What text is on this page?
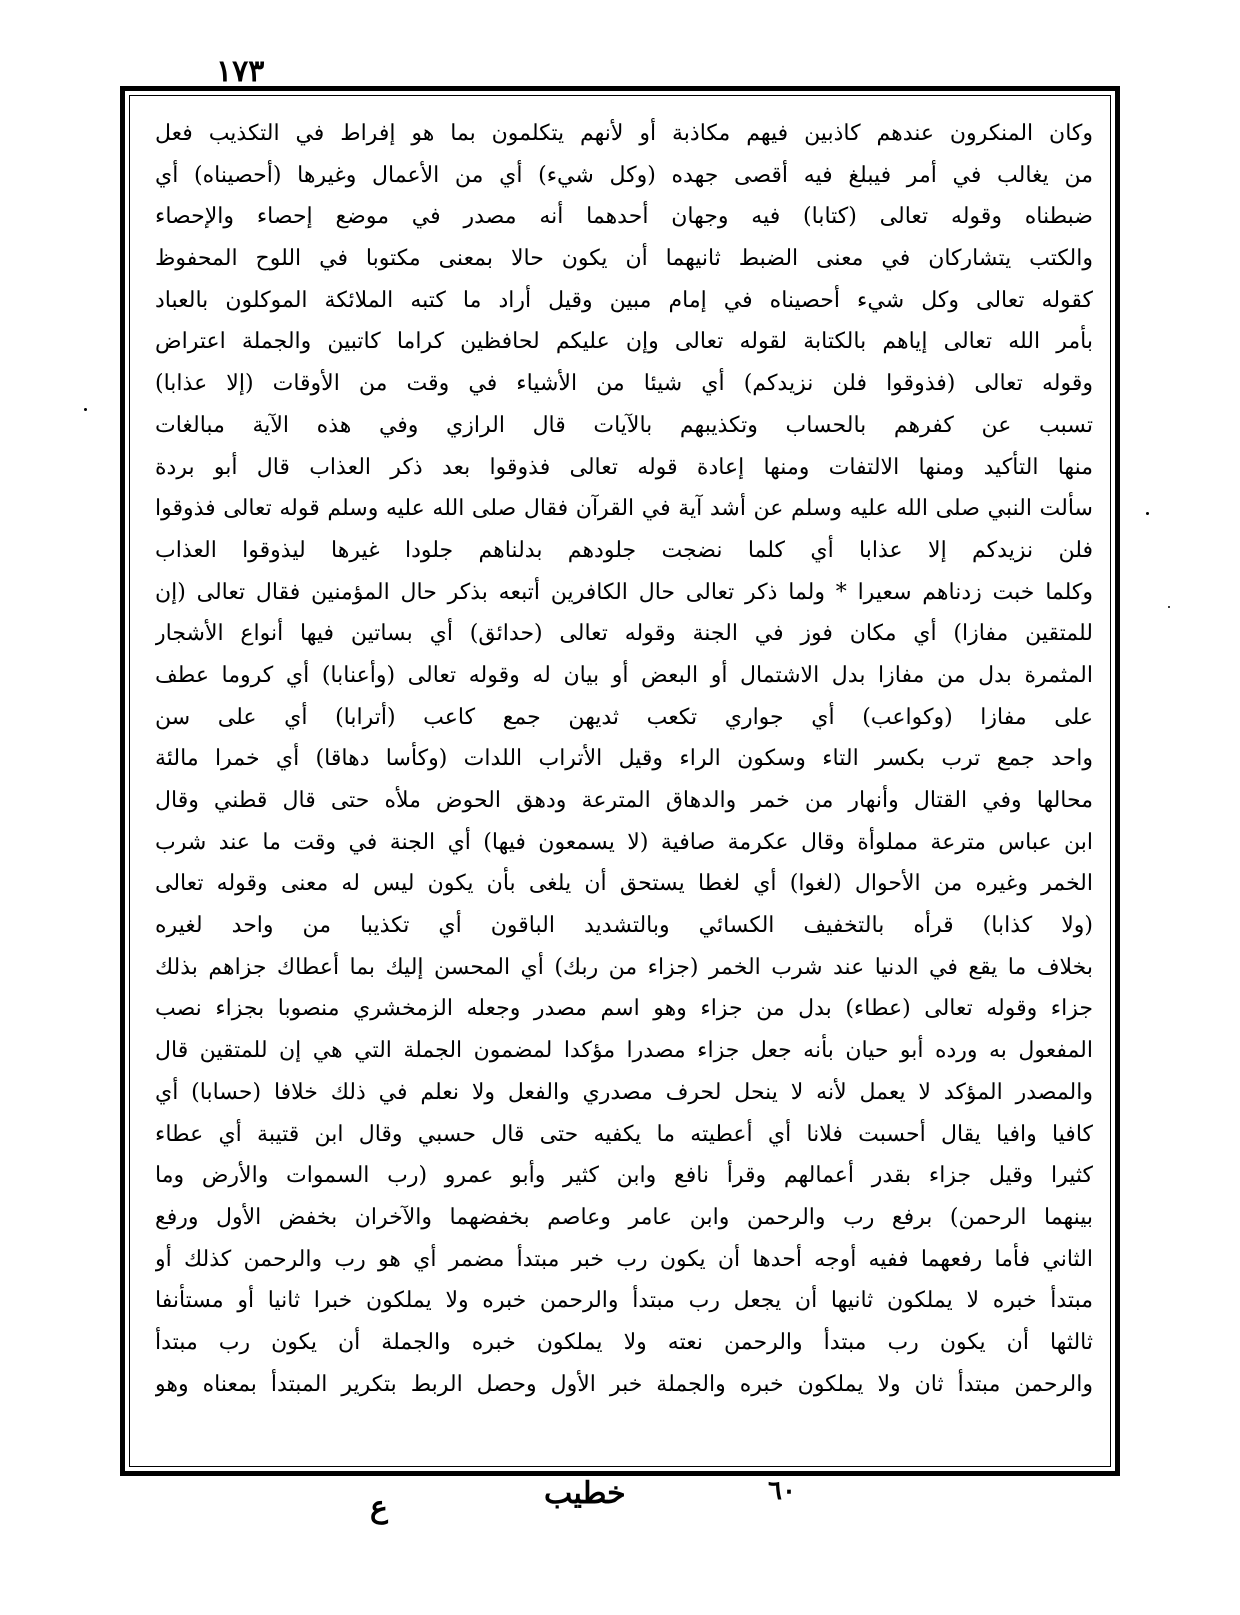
١٧٣
وكان المنكرون عندهم كاذبين فيهم مكاذبة أو لأنهم يتكلمون بما هو إفراط في التكذيب فعل
من يغالب في أمر فيبلغ فيه أقصى جهده (وكل شيء) أي من الأعمال وغيرها (أحصيناه) أي
ضبطناه وقوله تعالى (كتابا) فيه وجهان أحدهما أنه مصدر في موضع إحصاء والإحصاء
والكتب يتشاركان في معنى الضبط ثانيهما أن يكون حالا بمعنى مكتوبا في اللوح المحفوظ
كقوله تعالى وكل شيء أحصيناه في إمام مبين وقيل أراد ما كتبه الملائكة الموكلون بالعباد
بأمر الله تعالى إياهم بالكتابة لقوله تعالى وإن عليكم لحافظين كراما كاتبين والجملة اعتراض
وقوله تعالى (فذوقوا فلن نزيدكم) أي شيئا من الأشياء في وقت من الأوقات (إلا عذابا)
تسبب عن كفرهم بالحساب وتكذيبهم بالآيات قال الرازي وفي هذه الآية مبالغات
منها التأكيد ومنها الالتفات ومنها إعادة قوله تعالى فذوقوا بعد ذكر العذاب قال أبو بردة
سألت النبي صلى الله عليه وسلم عن أشد آية في القرآن فقال صلى الله عليه وسلم قوله تعالى فذوقوا
فلن نزيدكم إلا عذابا أي كلما نضجت جلودهم بدلناهم جلودا غيرها ليذوقوا العذاب
وكلما خبت زدناهم سعيرا * ولما ذكر تعالى حال الكافرين أتبعه بذكر حال المؤمنين فقال تعالى (إن
للمتقين مفازا) أي مكان فوز في الجنة وقوله تعالى (حدائق) أي بساتين فيها أنواع الأشجار
المثمرة بدل من مفازا بدل الاشتمال أو البعض أو بيان له وقوله تعالى (وأعنابا) أي كروما عطف
على مفازا (وكواعب) أي جواري تكعب ثديهن جمع كاعب (أترابا) أي على سن
واحد جمع ترب بكسر التاء وسكون الراء وقيل الأتراب اللدات (وكأسا دهاقا) أي خمرا مالئة
محالها وفي القتال وأنهار من خمر والدهاق المترعة ودهق الحوض ملأه حتى قال قطني وقال
ابن عباس مترعة مملوأة وقال عكرمة صافية (لا يسمعون فيها) أي الجنة في وقت ما عند شرب
الخمر وغيره من الأحوال (لغوا) أي لغطا يستحق أن يلغى بأن يكون ليس له معنى وقوله تعالى
(ولا كذابا) قرأه بالتخفيف الكسائي وبالتشديد الباقون أي تكذيبا من واحد لغيره
بخلاف ما يقع في الدنيا عند شرب الخمر (جزاء من ربك) أي المحسن إليك بما أعطاك جزاهم بذلك
جزاء وقوله تعالى (عطاء) بدل من جزاء وهو اسم مصدر وجعله الزمخشري منصوبا بجزاء نصب
المفعول به ورده أبو حيان بأنه جعل جزاء مصدرا مؤكدا لمضمون الجملة التي هي إن للمتقين قال
والمصدر المؤكد لا يعمل لأنه لا ينحل لحرف مصدري والفعل ولا نعلم في ذلك خلافا (حسابا) أي
كافيا وافيا يقال أحسبت فلانا أي أعطيته ما يكفيه حتى قال حسبي وقال ابن قتيبة أي عطاء
كثيرا وقيل جزاء بقدر أعمالهم وقرأ نافع وابن كثير وأبو عمرو (رب السموات والأرض وما
بينهما الرحمن) برفع رب والرحمن وابن عامر وعاصم بخفضهما والآخران بخفض الأول ورفع
الثاني فأما رفعهما ففيه أوجه أحدها أن يكون رب خبر مبتدأ مضمر أي هو رب والرحمن كذلك أو
مبتدأ خبره لا يملكون ثانيها أن يجعل رب مبتدأ والرحمن خبره ولا يملكون خبرا ثانيا أو مستأنفا
ثالثها أن يكون رب مبتدأ والرحمن نعته ولا يملكون خبره والجملة أن يكون رب مبتدأ
والرحمن مبتدأ ثان ولا يملكون خبره والجملة خبر الأول وحصل الربط بتكرير المبتدأ بمعناه وهو
ع	خطيب	٦٠
